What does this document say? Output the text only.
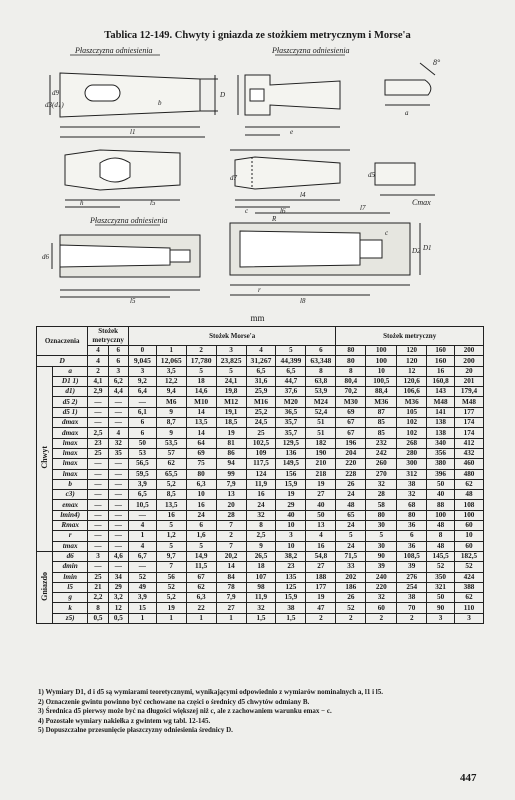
Tablica 12-149. Chwyty i gniazda ze stożkiem metrycznym i Morse'a
Płaszczyzna odniesienia	Płaszczyzna odniesienia
Płaszczyzna odniesienia
8°
Cmax
d3(d1)
d9
l1
b
D
h	l5
e
a
d5
d7
l4
l6	l7
c
r
D2
l5
d6
l8
D1
R
c
mm
Oznaczenia		Stożek metryczny		Stożek Morse'a							Stożek metryczny				
		4	6	0	1	2	3	4	5	6	80	100	120	160	200
D		4	6	9,045	12,065	17,780	23,825	31,267	44,399	63,348	80	100	120	160	200
Chwyt	a	2	3	3	3,5	5	5	6,5	6,5	8	8	10	12	16	20
	D1 1)	4,1	6,2	9,2	12,2	18	24,1	31,6	44,7	63,8	80,4	100,5	120,6	160,8	201
	d1)	2,9	4,4	6,4	9,4	14,6	19,8	25,9	37,6	53,9	70,2	88,4	106,6	143	179,4
	d5 2)	—	—	—	M6	M10	M12	M16	M20	M24	M30	M36	M36	M48	M48
	d5 1)	—	—	6,1	9	14	19,1	25,2	36,5	52,4	69	87	105	141	177
	dmax	—	—	6	8,7	13,5	18,5	24,5	35,7	51	67	85	102	138	174
	dmax	2,5	4	6	9	14	19	25	35,7	51	67	85	102	138	174
	lmax	23	32	50	53,5	64	81	102,5	129,5	182	196	232	268	340	412
	lmax	25	35	53	57	69	86	109	136	190	204	242	280	356	432
	lmax	—	—	56,5	62	75	94	117,5	149,5	210	220	260	300	380	460
	lmax	—	—	59,5	65,5	80	99	124	156	218	228	270	312	396	480
	b	—	—	3,9	5,2	6,3	7,9	11,9	15,9	19	26	32	38	50	62
	c3)	—	—	6,5	8,5	10	13	16	19	27	24	28	32	40	48
	emax	—	—	10,5	13,5	16	20	24	29	40	48	58	68	88	108
	lmin4)	—	—	—	16	24	28	32	40	50	65	80	80	100	100
	Rmax	—	—	4	5	6	7	8	10	13	24	30	36	48	60
	r	—	—	1	1,2	1,6	2	2,5	3	4	5	5	6	8	10
	tmax	—	—	4	5	5	7	9	10	16	24	30	36	48	60
Gniazdo	d6	3	4,6	6,7	9,7	14,9	20,2	26,5	38,2	54,8	71,5	90	108,5	145,5	182,5
	dmin	—	—	—	7	11,5	14	18	23	27	33	39	39	52	52
	lmin	25	34	52	56	67	84	107	135	188	202	240	276	350	424
	l5	21	29	49	52	62	78	98	125	177	186	220	254	321	388
	g	2,2	3,2	3,9	5,2	6,3	7,9	11,9	15,9	19	26	32	38	50	62
	k	8	12	15	19	22	27	32	38	47	52	60	70	90	110
	z5)	0,5	0,5	1	1	1	1	1,5	1,5	2	2	2	2	3	3

1) Wymiary D1, d i d5 są wymiarami teoretycznymi, wynikającymi odpowiednio z wymiarów nominalnych a, l1 i l5.

2) Oznaczenie gwintu powinno być cechowane na części o średnicy d5 chwytów odmiany B.

3) Średnica d5 pierwsy może być na długości większej niż c, ale z zachowaniem warunku emax − c.

4) Pozostałe wymiary nakiełka z gwintem wg tabl. 12-145.

5) Dopuszczalne przesunięcie płaszczyzny odniesienia średnicy D.

447
